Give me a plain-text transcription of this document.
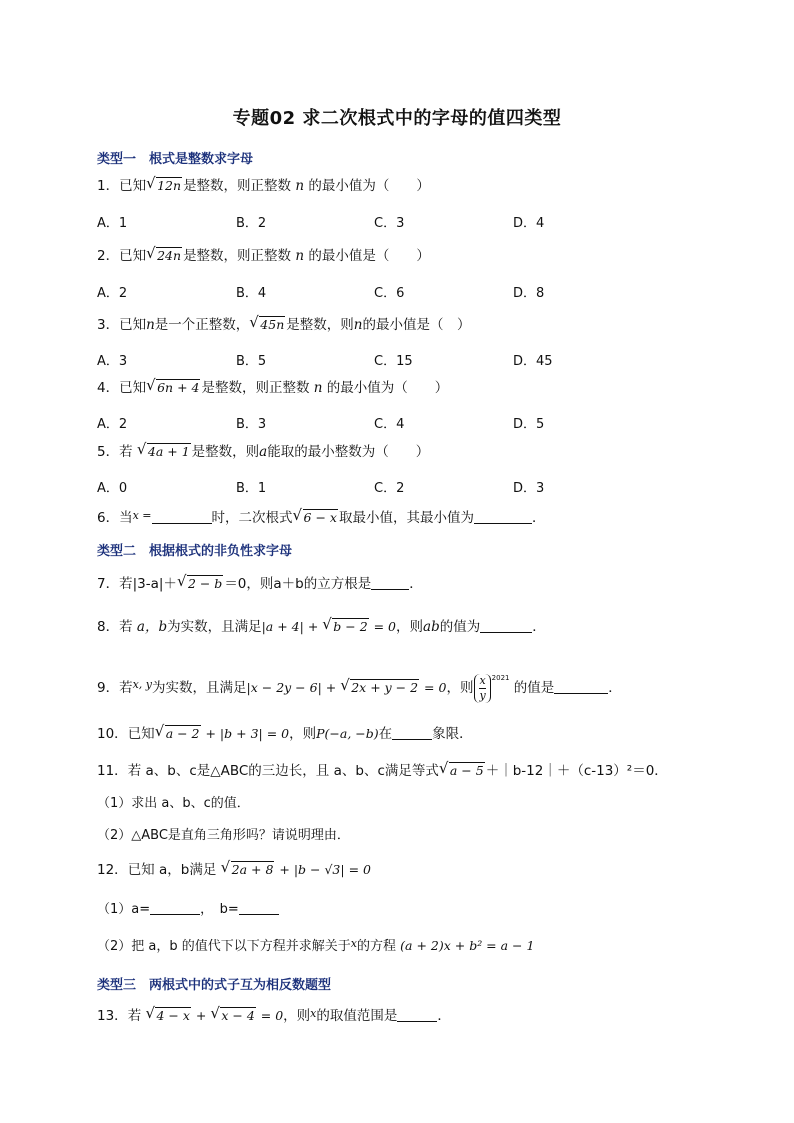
专题02 求二次根式中的字母的值四类型
类型一　根式是整数求字母
1．已知 √ 12n 是整数，则正整数 n 的最小值为（　　）
A．1	B．2	C．3	D．4
2．已知 √ 24n 是整数，则正整数 n 的最小值是（　　）
A．2	B．4	C．6	D．8
3．已知n是一个正整数， √ 45n 是整数，则n的最小值是（　）
A．3	B．5	C．15	D．45
4．已知 √ 6n + 4 是整数，则正整数 n 的最小值为（　　）
A．2	B．3	C．4	D．5
5．若 √ 4a + 1 是整数，则a能取的最小整数为（　　）
A．0	B．1	C．2	D．3
6．当$^x$ =	时，二次根式 √ 6 − x 取最小值，其最小值为	．
类型二　根据根式的非负性求字母
7．若|3-a|＋ √ 2 − b ＝0，则a＋b的立方根是	．
8．若 a，b为实数，且满足|a + 4| + √ b − 2 = 0，则ab的值为	．
9．若$^{x, y}$为实数，且满足|x − 2y − 6| + √ 2x + y − 2 = 0，则 $\frac{x}{y} ^{2021}$ 的值是	．
10．已知 √ a − 2 + |b + 3| = 0，则P(−a, −b)在	象限．
11．若 a、b、c是△ABC的三边长，且 a、b、c满足等式 √ a − 5 ＋｜b-12｜＋（c-13）²＝0．
（1）求出 a、b、c的值．
（2）△ABC是直角三角形吗？请说明理由．
12．已知 a，b满足 √ 2a + 8 + |b − √3| = 0
（1）a=	，　b=
（2）把 a，b 的值代下以下方程并求解关于$^x$的方程 (a + 2)x + b² = a − 1
类型三　两根式中的式子互为相反数题型
13．若 √ 4 − x + √ x − 4 = 0，则$^x$的取值范围是	．
